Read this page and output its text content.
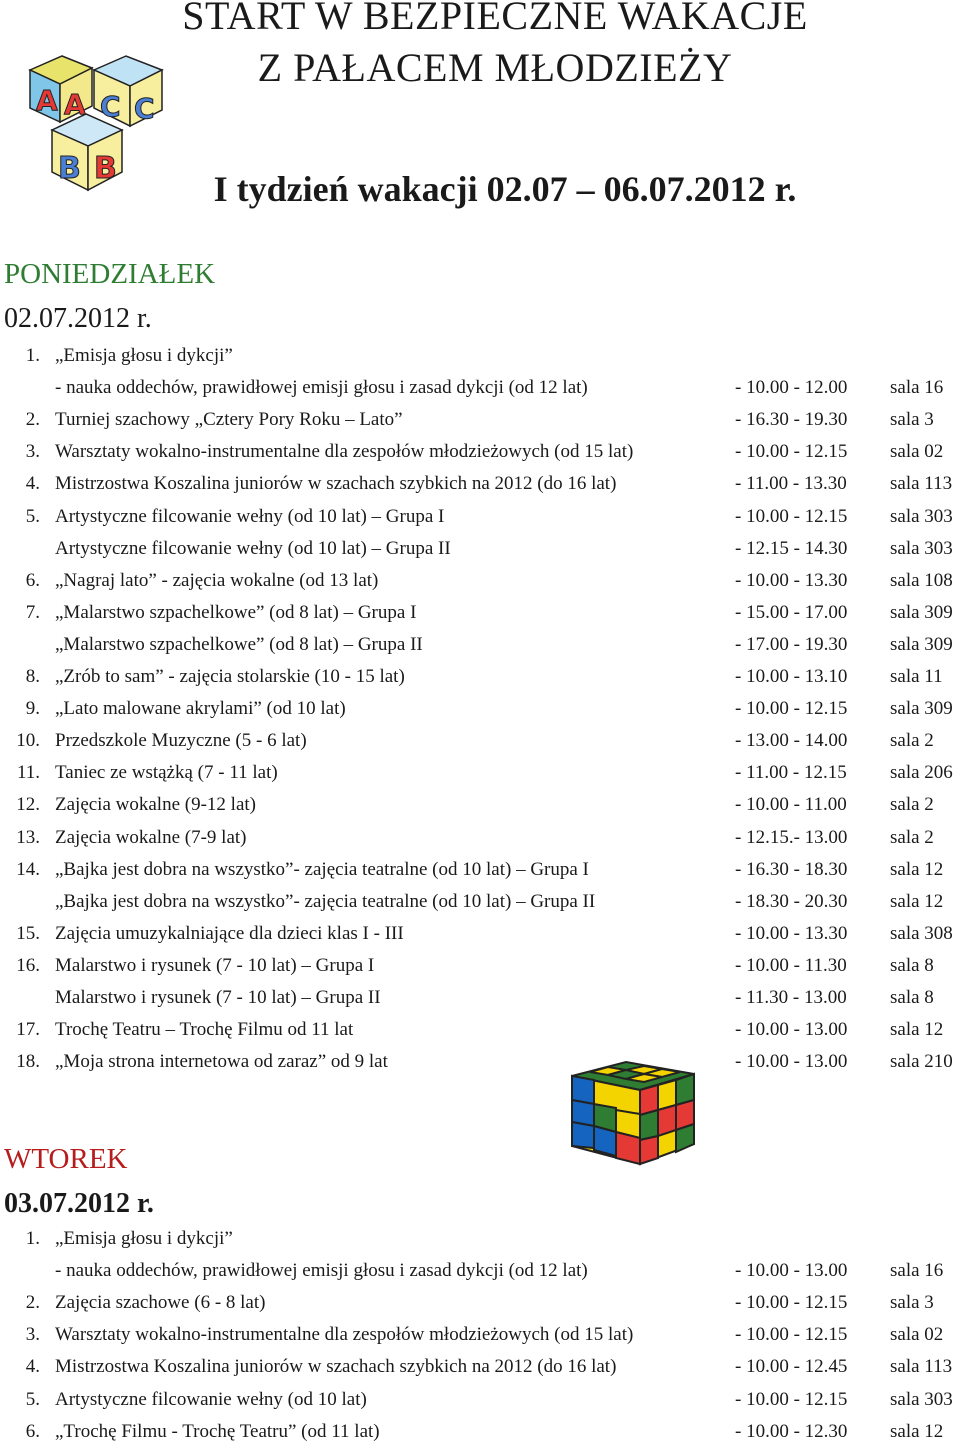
A A C C
B B
START W BEZPIECZNE WAKACJE
Z PAŁACEM MŁODZIEŻY
I tydzień wakacji 02.07 – 06.07.2012 r.
PONIEDZIAŁEK
02.07.2012 r.
1. „Emisja głosu i dykcji”
- nauka oddechów, prawidłowej emisji głosu i zasad dykcji (od 12 lat)	- 10.00 - 12.00 sala 16
2. Turniej szachowy „Cztery Pory Roku – Lato”	- 16.30 - 19.30 sala 3
3. Warsztaty wokalno-instrumentalne dla zespołów młodzieżowych (od 15 lat)	- 10.00 - 12.15 sala 02
4. Mistrzostwa Koszalina juniorów w szachach szybkich na 2012 (do 16 lat)	- 11.00 - 13.30 sala 113
5. Artystyczne filcowanie wełny (od 10 lat) – Grupa I	- 10.00 - 12.15 sala 303
Artystyczne filcowanie wełny (od 10 lat) – Grupa II	- 12.15 - 14.30 sala 303
6. „Nagraj lato” - zajęcia wokalne (od 13 lat)	- 10.00 - 13.30 sala 108
7. „Malarstwo szpachelkowe” (od 8 lat) – Grupa I	- 15.00 - 17.00 sala 309
„Malarstwo szpachelkowe” (od 8 lat) – Grupa II	- 17.00 - 19.30 sala 309
8. „Zrób to sam” - zajęcia stolarskie (10 - 15 lat)	- 10.00 - 13.10 sala 11
9. „Lato malowane akrylami” (od 10 lat)	- 10.00 - 12.15 sala 309
10. Przedszkole Muzyczne (5 - 6 lat)	- 13.00 - 14.00 sala 2
11. Taniec ze wstążką (7 - 11 lat)	- 11.00 - 12.15 sala 206
12. Zajęcia wokalne (9-12 lat)	- 10.00 - 11.00 sala 2
13. Zajęcia wokalne (7-9 lat)	- 12.15.- 13.00 sala 2
14. „Bajka jest dobra na wszystko”- zajęcia teatralne (od 10 lat) – Grupa I	- 16.30 - 18.30 sala 12
„Bajka jest dobra na wszystko”- zajęcia teatralne (od 10 lat) – Grupa II	- 18.30 - 20.30 sala 12
15. Zajęcia umuzykalniające dla dzieci klas I - III	- 10.00 - 13.30 sala 308
16. Malarstwo i rysunek (7 - 10 lat) – Grupa I	- 10.00 - 11.30 sala 8
Malarstwo i rysunek (7 - 10 lat) – Grupa II	- 11.30 - 13.00 sala 8
17. Trochę Teatru – Trochę Filmu od 11 lat	- 10.00 - 13.00 sala 12
18. „Moja strona internetowa od zaraz” od 9 lat	- 10.00 - 13.00 sala 210
WTOREK
03.07.2012 r.
1. „Emisja głosu i dykcji”
- nauka oddechów, prawidłowej emisji głosu i zasad dykcji (od 12 lat)	- 10.00 - 13.00 sala 16
2. Zajęcia szachowe (6 - 8 lat)	- 10.00 - 12.15 sala 3
3. Warsztaty wokalno-instrumentalne dla zespołów młodzieżowych (od 15 lat)	- 10.00 - 12.15 sala 02
4. Mistrzostwa Koszalina juniorów w szachach szybkich na 2012 (do 16 lat)	- 10.00 - 12.45 sala 113
5. Artystyczne filcowanie wełny (od 10 lat)	- 10.00 - 12.15 sala 303
6. „Trochę Filmu - Trochę Teatru” (od 11 lat)	- 10.00 - 12.30 sala 12
